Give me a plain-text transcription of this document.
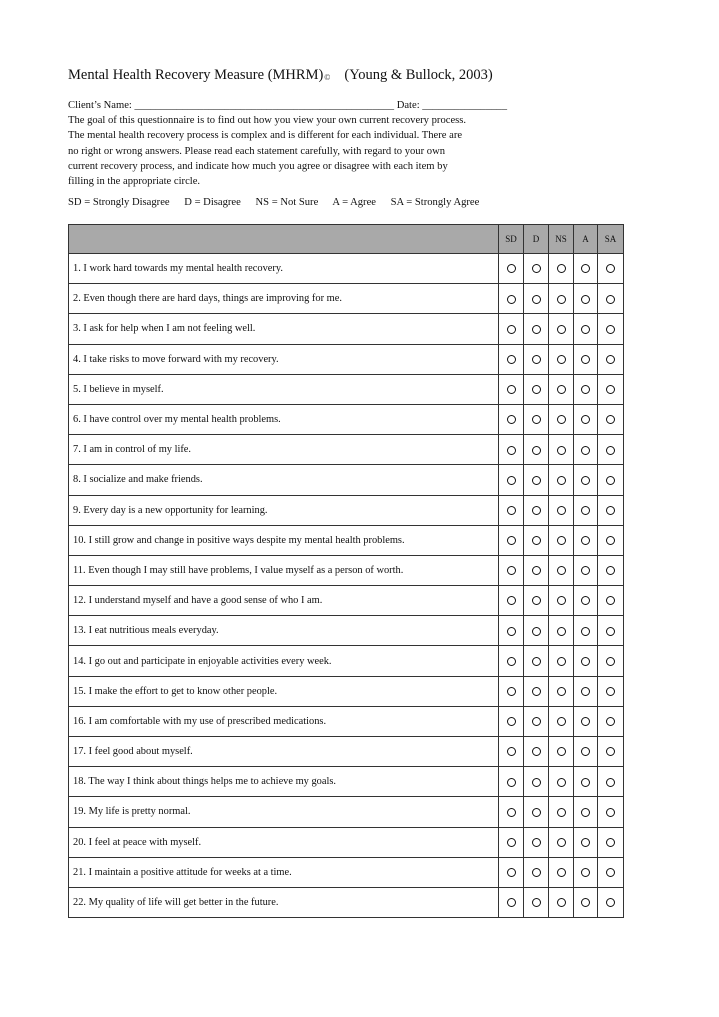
Mental Health Recovery Measure (MHRM)© (Young & Bullock, 2003)
Client’s Name: _________________________________________________ Date: ________________
The goal of this questionnaire is to find out how you view your own current recovery process.
The mental health recovery process is complex and is different for each individual. There are
no right or wrong answers. Please read each statement carefully, with regard to your own
current recovery process, and indicate how much you agree or disagree with each item by
filling in the appropriate circle.
SD = Strongly Disagree D = Disagree NS = Not Sure A = Agree SA = Strongly Agree
	SD	D	NS	A	SA
1. I work hard towards my mental health recovery.					
2. Even though there are hard days, things are improving for me.					
3. I ask for help when I am not feeling well.					
4. I take risks to move forward with my recovery.					
5. I believe in myself.					
6. I have control over my mental health problems.					
7. I am in control of my life.					
8. I socialize and make friends.					
9. Every day is a new opportunity for learning.					
10. I still grow and change in positive ways despite my mental health problems.					
11. Even though I may still have problems, I value myself as a person of worth.					
12. I understand myself and have a good sense of who I am.					
13. I eat nutritious meals everyday.					
14. I go out and participate in enjoyable activities every week.					
15. I make the effort to get to know other people.					
16. I am comfortable with my use of prescribed medications.					
17. I feel good about myself.					
18. The way I think about things helps me to achieve my goals.					
19. My life is pretty normal.					
20. I feel at peace with myself.					
21. I maintain a positive attitude for weeks at a time.					
22. My quality of life will get better in the future.					
